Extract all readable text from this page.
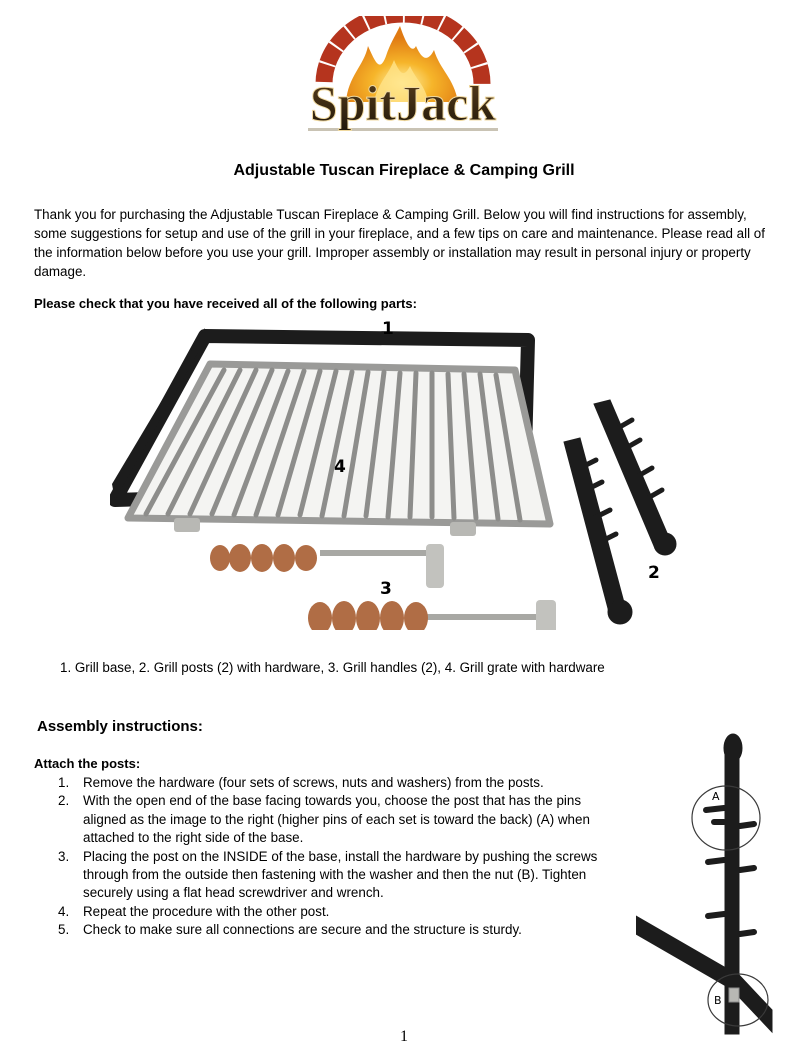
SpitJack
Adjustable Tuscan Fireplace & Camping Grill

Thank you for purchasing the Adjustable Tuscan Fireplace & Camping Grill. Below you will find instructions for assembly, some suggestions for setup and use of the grill in your fireplace, and a few tips on care and maintenance. Please read all of the information below before you use your grill. Improper assembly or installation may result in personal injury or property damage.

Please check that you have received all of the following parts:
1
4
3
2
1. Grill base, 2. Grill posts (2) with hardware, 3. Grill handles (2), 4. Grill grate with hardware
Assembly instructions:
Attach the posts:
1. Remove the hardware (four sets of screws, nuts and washers) from the posts.
2. With the open end of the base facing towards you, choose the post that has the pins aligned as the image to the right (higher pins of each set is toward the back) (A) when attached to the right side of the base.
3. Placing the post on the INSIDE of the base, install the hardware by pushing the screws through from the outside then fastening with the washer and then the nut (B). Tighten securely using a flat head screwdriver and wrench.
4. Repeat the procedure with the other post.
5. Check to make sure all connections are secure and the structure is sturdy.
A
B
1
